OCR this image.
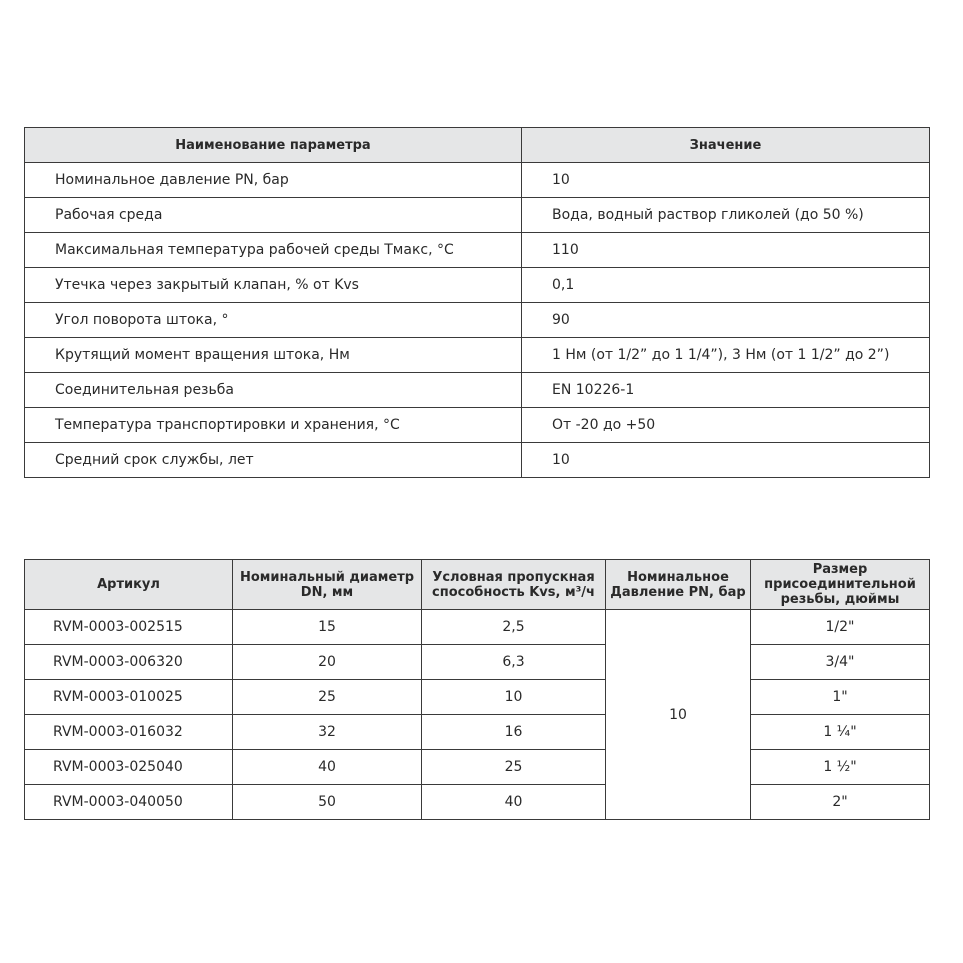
Наименование параметра	Значение
Номинальное давление PN, бар	10
Рабочая среда	Вода, водный раствор гликолей (до 50 %)
Максимальная температура рабочей среды Тмакс, °С	110
Утечка через закрытый клапан, % от Kvs	0,1
Угол поворота штока, °	90
Крутящий момент вращения штока, Нм	1 Нм (от 1/2” до 1 1/4”), 3 Нм (от 1 1/2” до 2”)
Соединительная резьба	EN 10226-1
Температура транспортировки и хранения, °С	От -20 до +50
Средний срок службы, лет	10
Артикул	Номинальный диаметр DN, мм	Условная пропускная способность Kvs, м³/ч	Номинальное Давление PN, бар	Размер присоединительной резьбы, дюймы
RVM-0003-002515	15	2,5	10	1/2"
RVM-0003-006320	20	6,3		3/4"
RVM-0003-010025	25	10		1"
RVM-0003-016032	32	16		1 ¼"
RVM-0003-025040	40	25		1 ½"
RVM-0003-040050	50	40		2"
